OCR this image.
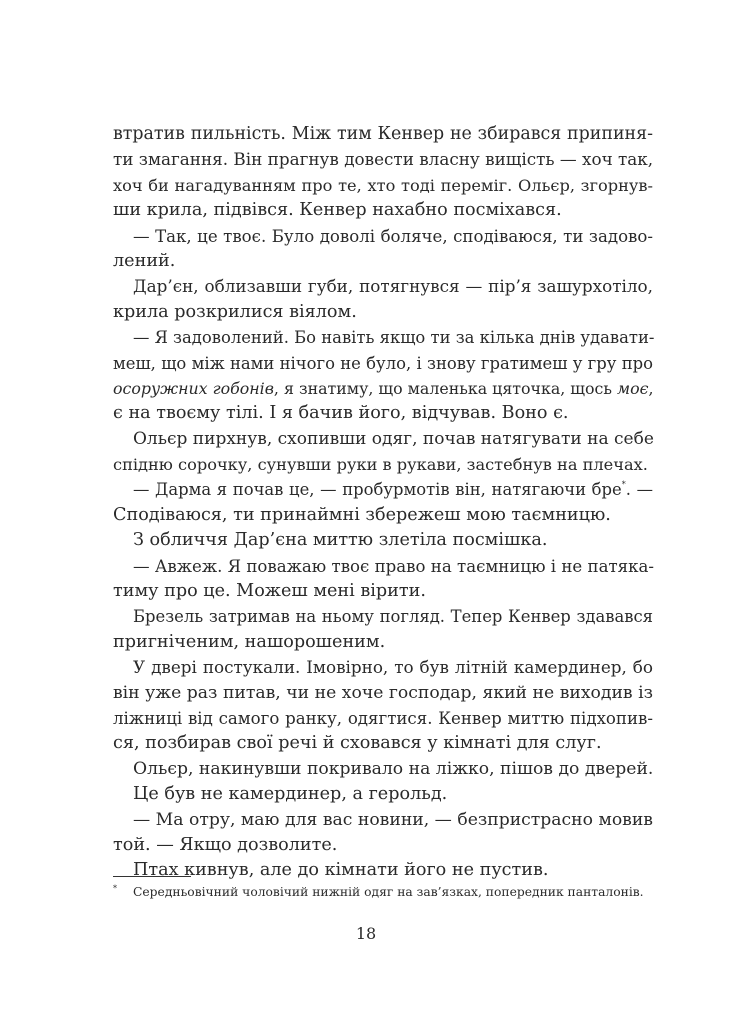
втратив пильність. Між тим Кенвер не збирався припиня-
ти змагання. Він прагнув довести власну вищість — хоч так,
хоч би нагадуванням про те, хто тоді переміг. Ольєр, згорнув-
ши крила, підвівся. Кенвер нахабно посміхався.
— Так, це твоє. Було доволі боляче, сподіваюся, ти задово-
лений.
Дар’єн, облизавши губи, потягнувся — пір’я зашурхотіло,
крила розкрилися віялом.
— Я задоволений. Бо навіть якщо ти за кілька днів удавати-
меш, що між нами нічого не було, і знову гратимеш у гру про
осоружних гобонів, я знатиму, що маленька цяточка, щось моє,
є на твоєму тілі. І я бачив його, відчував. Воно є.
Ольєр пирхнув, схопивши одяг, почав натягувати на себе
спідню сорочку, сунувши руки в рукави, застебнув на плечах.
— Дарма я почав це, — пробурмотів він, натягаючи бре*. —
Сподіваюся, ти принаймні збережеш мою таємницю.
З обличчя Дар’єна миттю злетіла посмішка.
— Авжеж. Я поважаю твоє право на таємницю і не патяка-
тиму про це. Можеш мені вірити.
Брезель затримав на ньому погляд. Тепер Кенвер здавався
пригніченим, нашорошеним.
У двері постукали. Імовірно, то був літній камердинер, бо
він уже раз питав, чи не хоче господар, який не виходив із
ліжниці від самого ранку, одягтися. Кенвер миттю підхопив-
ся, позбирав свої речі й сховався у кімнаті для слуг.
Ольєр, накинувши покривало на ліжко, пішов до дверей.
Це був не камердинер, а герольд.
— Ма отру, маю для вас новини, — безпристрасно мовив
той. — Якщо дозволите.
Птах кивнув, але до кімнати його не пустив.
* Середньовічний чоловічий нижній одяг на зав’язках, попередник панталонів.
18
